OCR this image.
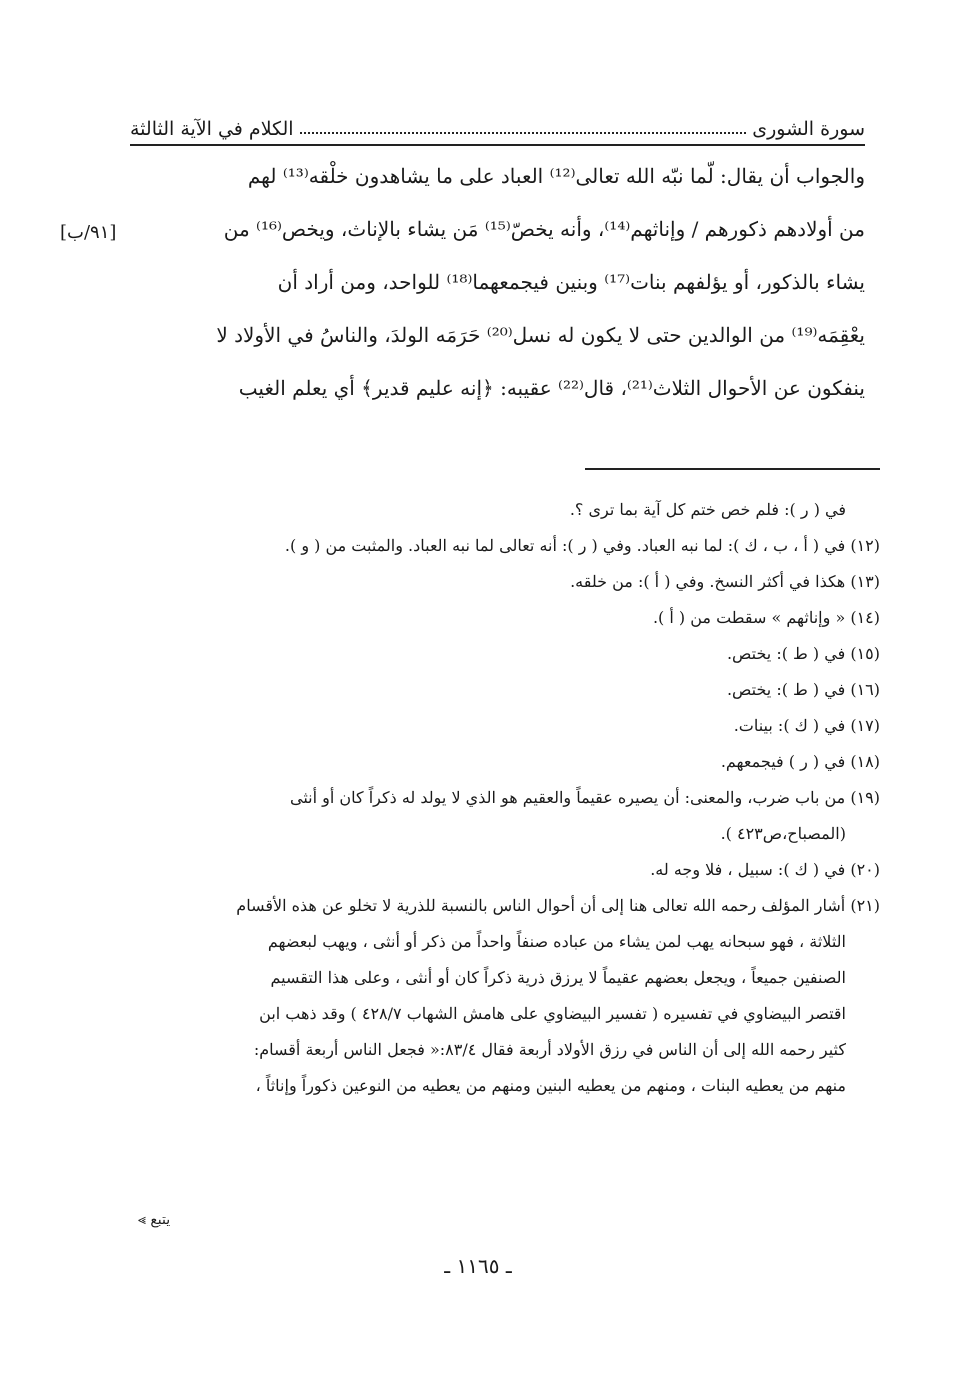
سورة الشورى
الكلام في الآية الثالثة
[٩١/ب]
والجواب أن يقال: لّما نبّه الله تعالى⁽¹²⁾ العباد على ما يشاهدون خلْقه⁽¹³⁾ لهم
من أولادهم ذكورهم / وإناثهم⁽¹⁴⁾، وأنه يخصّ⁽¹⁵⁾ مَن يشاء بالإناث، ويخص⁽¹⁶⁾ من
يشاء بالذكور، أو يؤلفهم بنات⁽¹⁷⁾ وبنين فيجمعهما⁽¹⁸⁾ للواحد، ومن أراد أن
يعْقِمَه⁽¹⁹⁾ من الوالدين حتى لا يكون له نسل⁽²⁰⁾ حَرَمَه الولدَ، والناسُ في الأولاد لا
ينفكون عن الأحوال الثلاث⁽²¹⁾، قال⁽²²⁾ عقيبه: ﴿إنه عليم قدير﴾ أي يعلم الغيب
في ( ر ): فلم خص ختم كل آية بما ترى ؟.
(١٢) في ( أ ، ب ، ك ): لما نبه العباد. وفي ( ر ): أنه تعالى لما نبه العباد. والمثبت من ( و ).
(١٣) هكذا في أكثر النسخ. وفي ( أ ): من خلقه.
(١٤) « وإناثهم » سقطت من ( أ ).
(١٥) في ( ط ): يختص.
(١٦) في ( ط ): يختص.
(١٧) في ( ك ): بينات.
(١٨) في ( ر ) فيجمعهم.
(١٩) من باب ضرب، والمعنى: أن يصيره عقيماً والعقيم هو الذي لا يولد له ذكراً كان أو أنثى
(المصباح،ص٤٢٣ ).
(٢٠) في ( ك ): سبيل ، فلا وجه له.
(٢١) أشار المؤلف رحمه الله تعالى هنا إلى أن أحوال الناس بالنسبة للذرية لا تخلو عن هذه الأقسام
الثلاثة ، فهو سبحانه يهب لمن يشاء من عباده صنفاً واحداً من ذكر أو أنثى ، ويهب لبعضهم
الصنفين جميعاً ، ويجعل بعضهم عقيماً لا يرزق ذرية ذكراً كان أو أنثى ، وعلى هذا التقسيم
اقتصر البيضاوي في تفسيره ( تفسير البيضاوي على هامش الشهاب ٤٢٨/٧ ) وقد ذهب ابن
كثير رحمه الله إلى أن الناس في رزق الأولاد أربعة فقال ٨٣/٤:« فجعل الناس أربعة أقسام:
منهم من يعطيه البنات ، ومنهم من يعطيه البنين ومنهم من يعطيه من النوعين ذكوراً وإناثاً ،
يتبع ⪢
ـ ١١٦٥ ـ
